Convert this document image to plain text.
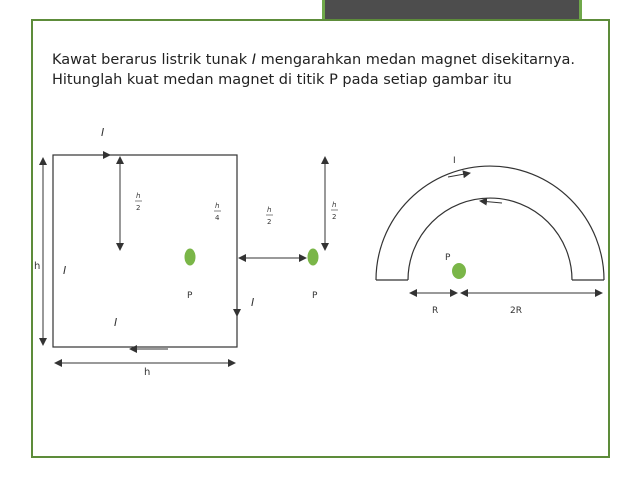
Kawat berarus listrik tunak I mengarahkan medan magnet disekitarnya. Hitunglah kuat medan magnet di titik P pada setiap gambar itu
I
I
I
I
h
h
h
2	h
4
P
h
2
h
2
P
I
P
R	2R
